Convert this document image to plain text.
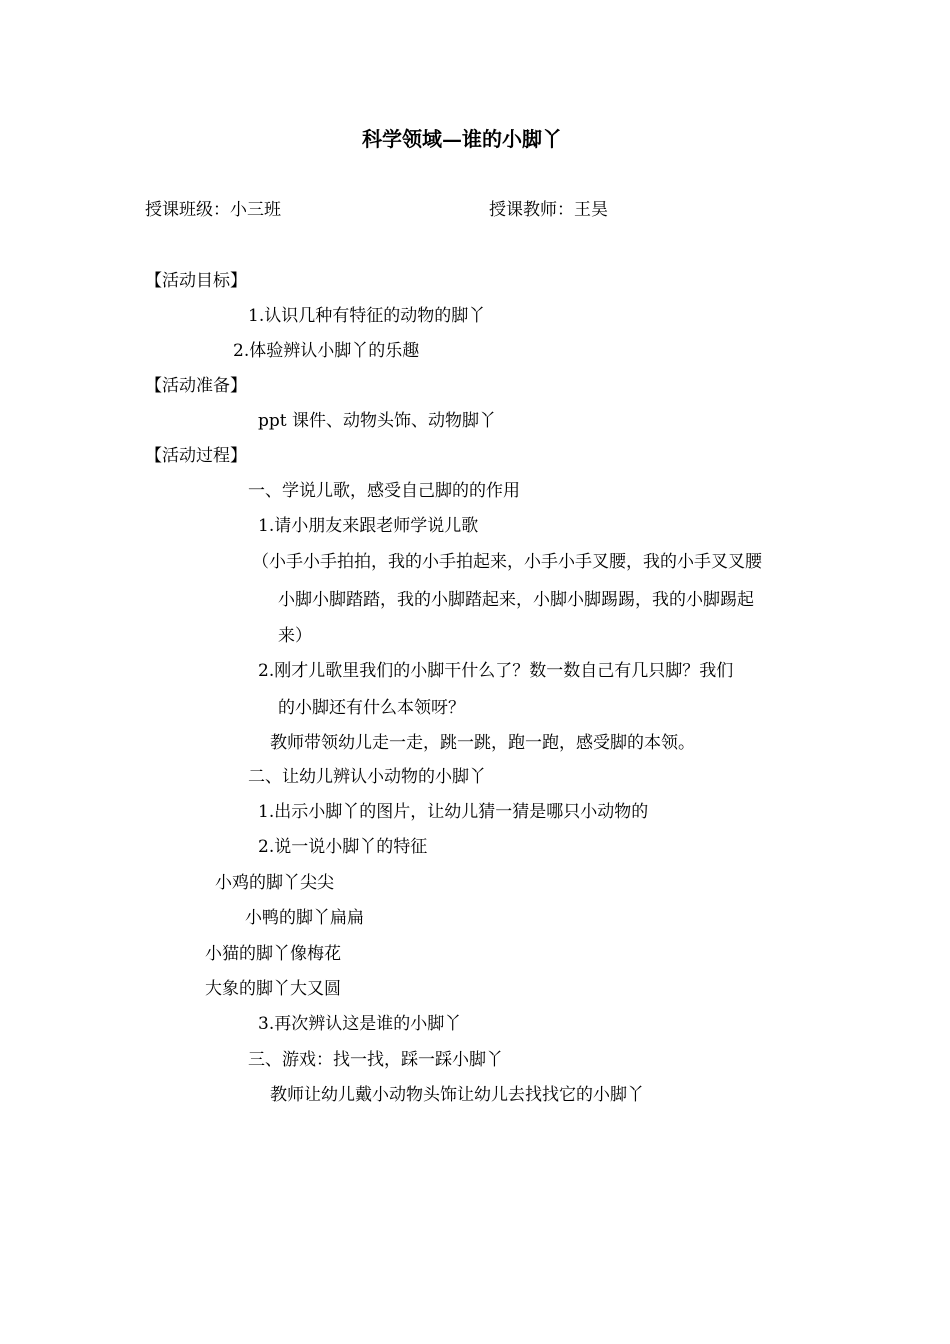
科学领域—谁的小脚丫
授课班级：小三班	授课教师：王昊
【活动目标】
1.认识几种有特征的动物的脚丫
2.体验辨认小脚丫的乐趣
【活动准备】
ppt 课件、动物头饰、动物脚丫
【活动过程】
一、学说儿歌，感受自己脚的的作用
1.请小朋友来跟老师学说儿歌
（小手小手拍拍，我的小手拍起来，小手小手叉腰，我的小手叉叉腰
小脚小脚踏踏，我的小脚踏起来，小脚小脚踢踢，我的小脚踢起
来）
2.刚才儿歌里我们的小脚干什么了？数一数自己有几只脚？我们
的小脚还有什么本领呀？
教师带领幼儿走一走，跳一跳，跑一跑，感受脚的本领。
二、让幼儿辨认小动物的小脚丫
1.出示小脚丫的图片，让幼儿猜一猜是哪只小动物的
2.说一说小脚丫的特征
小鸡的脚丫尖尖
小鸭的脚丫扁扁
小猫的脚丫像梅花
大象的脚丫大又圆
3.再次辨认这是谁的小脚丫
三、游戏：找一找，踩一踩小脚丫
教师让幼儿戴小动物头饰让幼儿去找找它的小脚丫
